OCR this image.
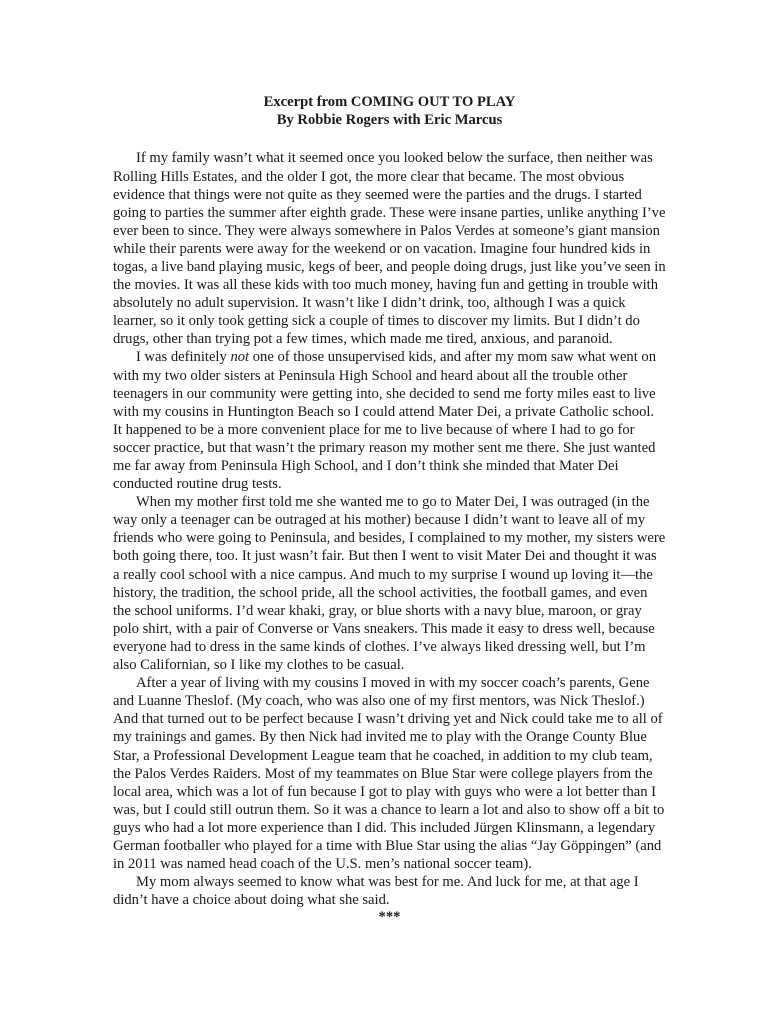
Excerpt from COMING OUT TO PLAY
By Robbie Rogers with Eric Marcus

If my family wasn’t what it seemed once you looked below the surface, then neither was Rolling Hills Estates, and the older I got, the more clear that became. The most obvious evidence that things were not quite as they seemed were the parties and the drugs. I started going to parties the summer after eighth grade. These were insane parties, unlike anything I’ve ever been to since. They were always somewhere in Palos Verdes at someone’s giant mansion while their parents were away for the weekend or on vacation. Imagine four hundred kids in togas, a live band playing music, kegs of beer, and people doing drugs, just like you’ve seen in the movies. It was all these kids with too much money, having fun and getting in trouble with absolutely no adult supervision. It wasn’t like I didn’t drink, too, although I was a quick learner, so it only took getting sick a couple of times to discover my limits. But I didn’t do drugs, other than trying pot a few times, which made me tired, anxious, and paranoid.

I was definitely not one of those unsupervised kids, and after my mom saw what went on with my two older sisters at Peninsula High School and heard about all the trouble other teenagers in our community were getting into, she decided to send me forty miles east to live with my cousins in Huntington Beach so I could attend Mater Dei, a private Catholic school. It happened to be a more convenient place for me to live because of where I had to go for soccer practice, but that wasn’t the primary reason my mother sent me there. She just wanted me far away from Peninsula High School, and I don’t think she minded that Mater Dei conducted routine drug tests.

When my mother first told me she wanted me to go to Mater Dei, I was outraged (in the way only a teenager can be outraged at his mother) because I didn’t want to leave all of my friends who were going to Peninsula, and besides, I complained to my mother, my sisters were both going there, too. It just wasn’t fair. But then I went to visit Mater Dei and thought it was a really cool school with a nice campus. And much to my surprise I wound up loving it—the history, the tradition, the school pride, all the school activities, the football games, and even the school uniforms. I’d wear khaki, gray, or blue shorts with a navy blue, maroon, or gray polo shirt, with a pair of Converse or Vans sneakers. This made it easy to dress well, because everyone had to dress in the same kinds of clothes. I’ve always liked dressing well, but I’m also Californian, so I like my clothes to be casual.

After a year of living with my cousins I moved in with my soccer coach’s parents, Gene and Luanne Theslof. (My coach, who was also one of my first mentors, was Nick Theslof.) And that turned out to be perfect because I wasn’t driving yet and Nick could take me to all of my trainings and games. By then Nick had invited me to play with the Orange County Blue Star, a Professional Development League team that he coached, in addition to my club team, the Palos Verdes Raiders. Most of my teammates on Blue Star were college players from the local area, which was a lot of fun because I got to play with guys who were a lot better than I was, but I could still outrun them. So it was a chance to learn a lot and also to show off a bit to guys who had a lot more experience than I did. This included Jürgen Klinsmann, a legendary German footballer who played for a time with Blue Star using the alias “Jay Göppingen” (and in 2011 was named head coach of the U.S. men’s national soccer team).

My mom always seemed to know what was best for me. And luck for me, at that age I didn’t have a choice about doing what she said.

***
